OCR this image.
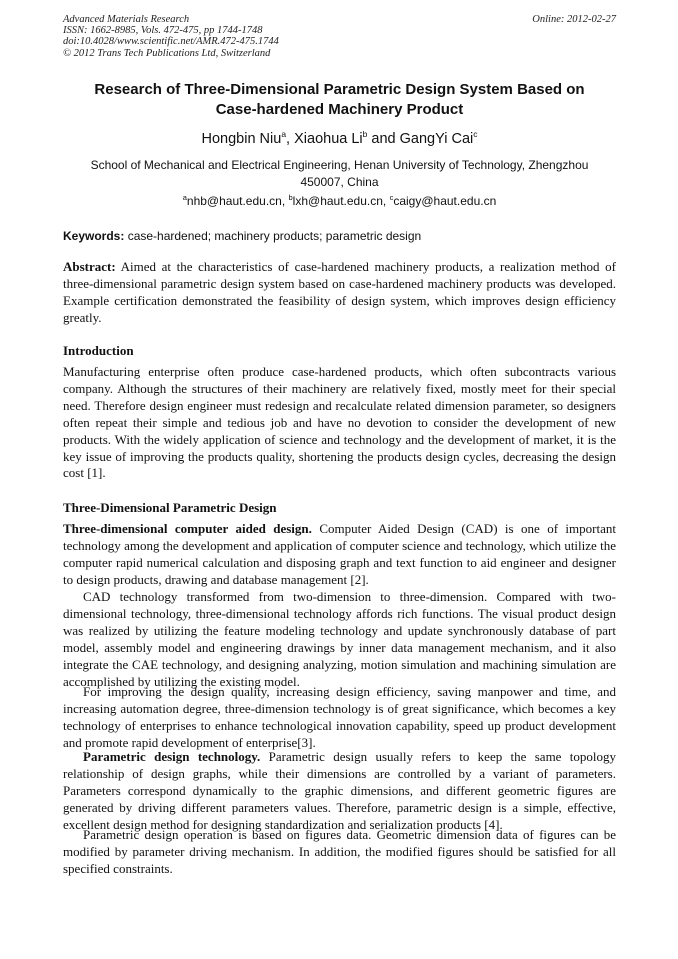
Advanced Materials Research
ISSN: 1662-8985, Vols. 472-475, pp 1744-1748
doi:10.4028/www.scientific.net/AMR.472-475.1744
© 2012 Trans Tech Publications Ltd, Switzerland
Online: 2012-02-27
Research of Three-Dimensional Parametric Design System Based on
Case-hardened Machinery Product
Hongbin Niu$^a$, Xiaohua Li$^b$ and GangYi Cai$^c$
School of Mechanical and Electrical Engineering, Henan University of Technology, Zhengzhou
450007, China
$^a$nhb@haut.edu.cn, $^b$lxh@haut.edu.cn, $^c$caigy@haut.edu.cn
Keywords: case-hardened; machinery products; parametric design
Abstract: Aimed at the characteristics of case-hardened machinery products, a realization method of three-dimensional parametric design system based on case-hardened machinery products was developed. Example certification demonstrated the feasibility of design system, which improves design efficiency greatly.
Introduction
Manufacturing enterprise often produce case-hardened products, which often subcontracts various company. Although the structures of their machinery are relatively fixed, mostly meet for their special need. Therefore design engineer must redesign and recalculate related dimension parameter, so designers often repeat their simple and tedious job and have no devotion to consider the development of new products. With the widely application of science and technology and the development of market, it is the key issue of improving the products quality, shortening the products design cycles, decreasing the design cost [1].
Three-Dimensional Parametric Design
Three-dimensional computer aided design. Computer Aided Design (CAD) is one of important technology among the development and application of computer science and technology, which utilize the computer rapid numerical calculation and disposing graph and text function to aid engineer and designer to design products, drawing and database management [2].
CAD technology transformed from two-dimension to three-dimension. Compared with two-dimensional technology, three-dimensional technology affords rich functions. The visual product design was realized by utilizing the feature modeling technology and update synchronously database of part model, assembly model and engineering drawings by inner data management mechanism, and it also integrate the CAE technology, and designing analyzing, motion simulation and machining simulation are accomplished by utilizing the existing model.
For improving the design quality, increasing design efficiency, saving manpower and time, and increasing automation degree, three-dimension technology is of great significance, which becomes a key technology of enterprises to enhance technological innovation capability, speed up product development and promote rapid development of enterprise[3].
Parametric design technology. Parametric design usually refers to keep the same topology relationship of design graphs, while their dimensions are controlled by a variant of parameters. Parameters correspond dynamically to the graphic dimensions, and different geometric figures are generated by driving different parameters values. Therefore, parametric design is a simple, effective, excellent design method for designing standardization and serialization products [4].
Parametric design operation is based on figures data. Geometric dimension data of figures can be modified by parameter driving mechanism. In addition, the modified figures should be satisfied for all specified constraints.
